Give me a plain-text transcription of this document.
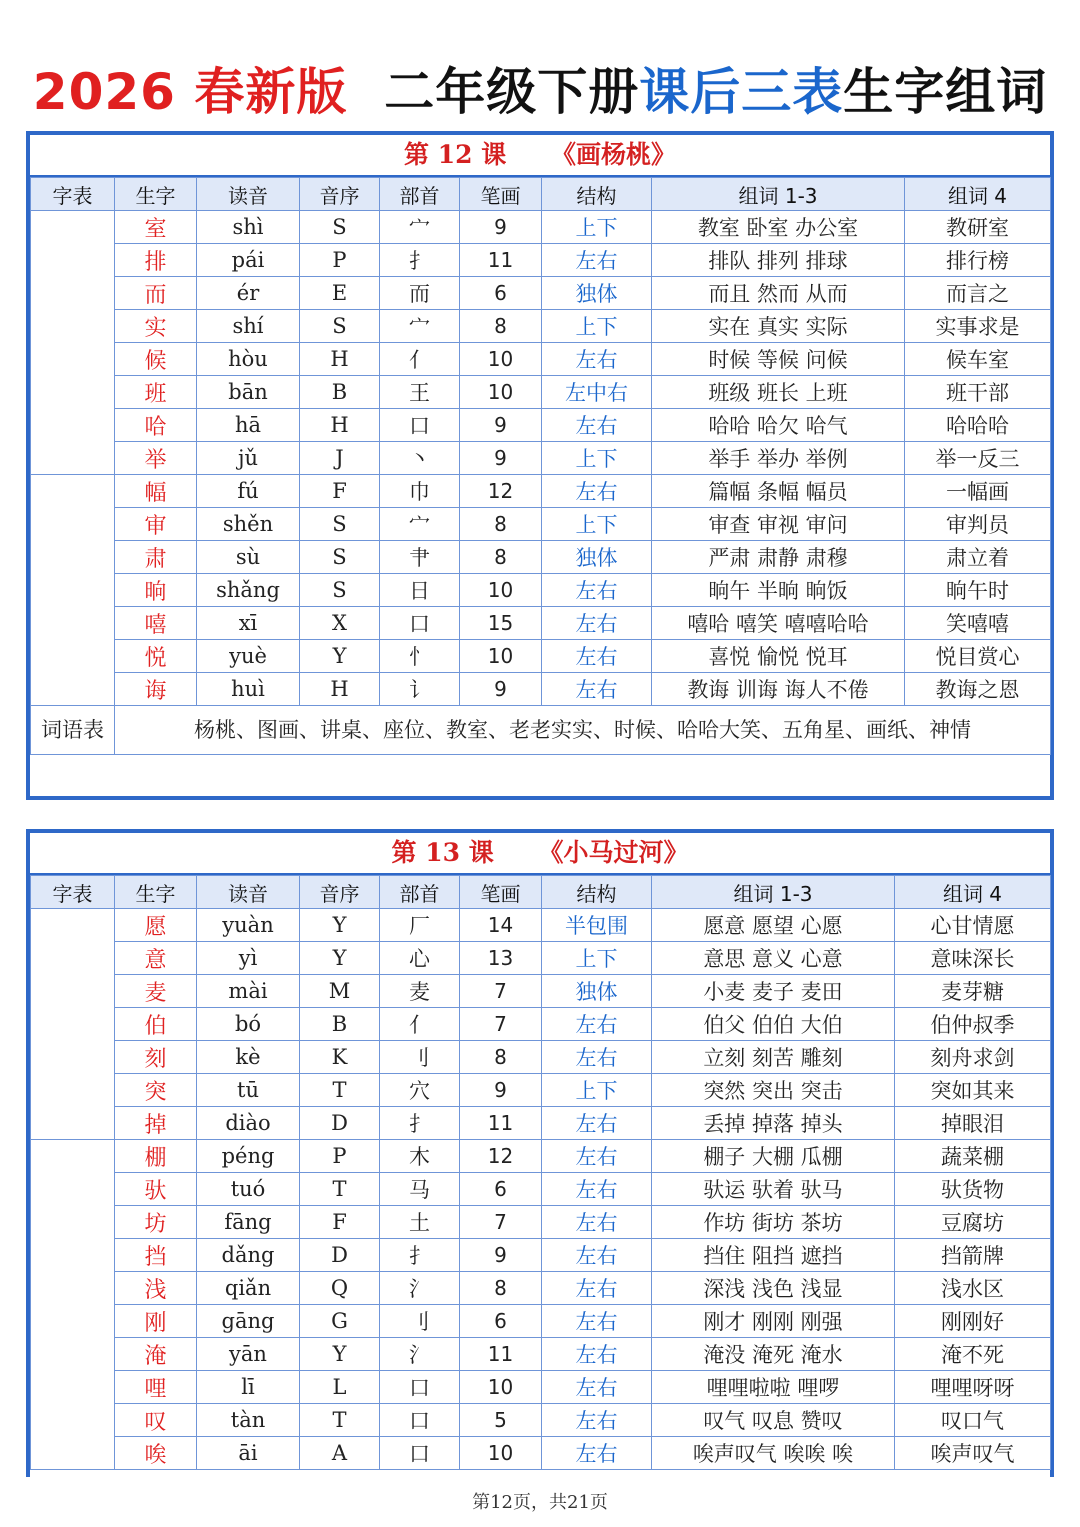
2026 春新版 二年级下册课后三表生字组词
第 12 课 《画杨桃》
字表	生字	读音	音序	部首	笔画	结构	组词 1-3	组词 4
	室	shì	S	宀	9	上下	教室 卧室 办公室	教研室
	排	pái	P	扌	11	左右	排队 排列 排球	排行榜
	而	ér	E	而	6	独体	而且 然而 从而	而言之
	实	shí	S	宀	8	上下	实在 真实 实际	实事求是
	候	hòu	H	亻	10	左右	时候 等候 问候	候车室
	班	bān	B	王	10	左中右	班级 班长 上班	班干部
	哈	hā	H	口	9	左右	哈哈 哈欠 哈气	哈哈哈
	举	jǔ	J	丶	9	上下	举手 举办 举例	举一反三
	幅	fú	F	巾	12	左右	篇幅 条幅 幅员	一幅画
	审	shěn	S	宀	8	上下	审查 审视 审问	审判员
	肃	sù	S	肀	8	独体	严肃 肃静 肃穆	肃立着
	晌	shǎng	S	日	10	左右	晌午 半晌 晌饭	晌午时
	嘻	xī	X	口	15	左右	嘻哈 嘻笑 嘻嘻哈哈	笑嘻嘻
	悦	yuè	Y	忄	10	左右	喜悦 愉悦 悦耳	悦目赏心
	诲	huì	H	讠	9	左右	教诲 训诲 诲人不倦	教诲之恩
词语表	杨桃、图画、讲桌、座位、教室、老老实实、时候、哈哈大笑、五角星、画纸、神情							
第 13 课 《小马过河》
字表	生字	读音	音序	部首	笔画	结构	组词 1-3	组词 4
	愿	yuàn	Y	厂	14	半包围	愿意 愿望 心愿	心甘情愿
	意	yì	Y	心	13	上下	意思 意义 心意	意味深长
	麦	mài	M	麦	7	独体	小麦 麦子 麦田	麦芽糖
	伯	bó	B	亻	7	左右	伯父 伯伯 大伯	伯仲叔季
	刻	kè	K	刂	8	左右	立刻 刻苦 雕刻	刻舟求剑
	突	tū	T	穴	9	上下	突然 突出 突击	突如其来
	掉	diào	D	扌	11	左右	丢掉 掉落 掉头	掉眼泪
	棚	péng	P	木	12	左右	棚子 大棚 瓜棚	蔬菜棚
	驮	tuó	T	马	6	左右	驮运 驮着 驮马	驮货物
	坊	fāng	F	土	7	左右	作坊 街坊 茶坊	豆腐坊
	挡	dǎng	D	扌	9	左右	挡住 阻挡 遮挡	挡箭牌
	浅	qiǎn	Q	氵	8	左右	深浅 浅色 浅显	浅水区
	刚	gāng	G	刂	6	左右	刚才 刚刚 刚强	刚刚好
	淹	yān	Y	氵	11	左右	淹没 淹死 淹水	淹不死
	哩	lī	L	口	10	左右	哩哩啦啦 哩啰	哩哩呀呀
	叹	tàn	T	口	5	左右	叹气 叹息 赞叹	叹口气
	唉	āi	A	口	10	左右	唉声叹气 唉唉 唉	唉声叹气
第12页，共21页
